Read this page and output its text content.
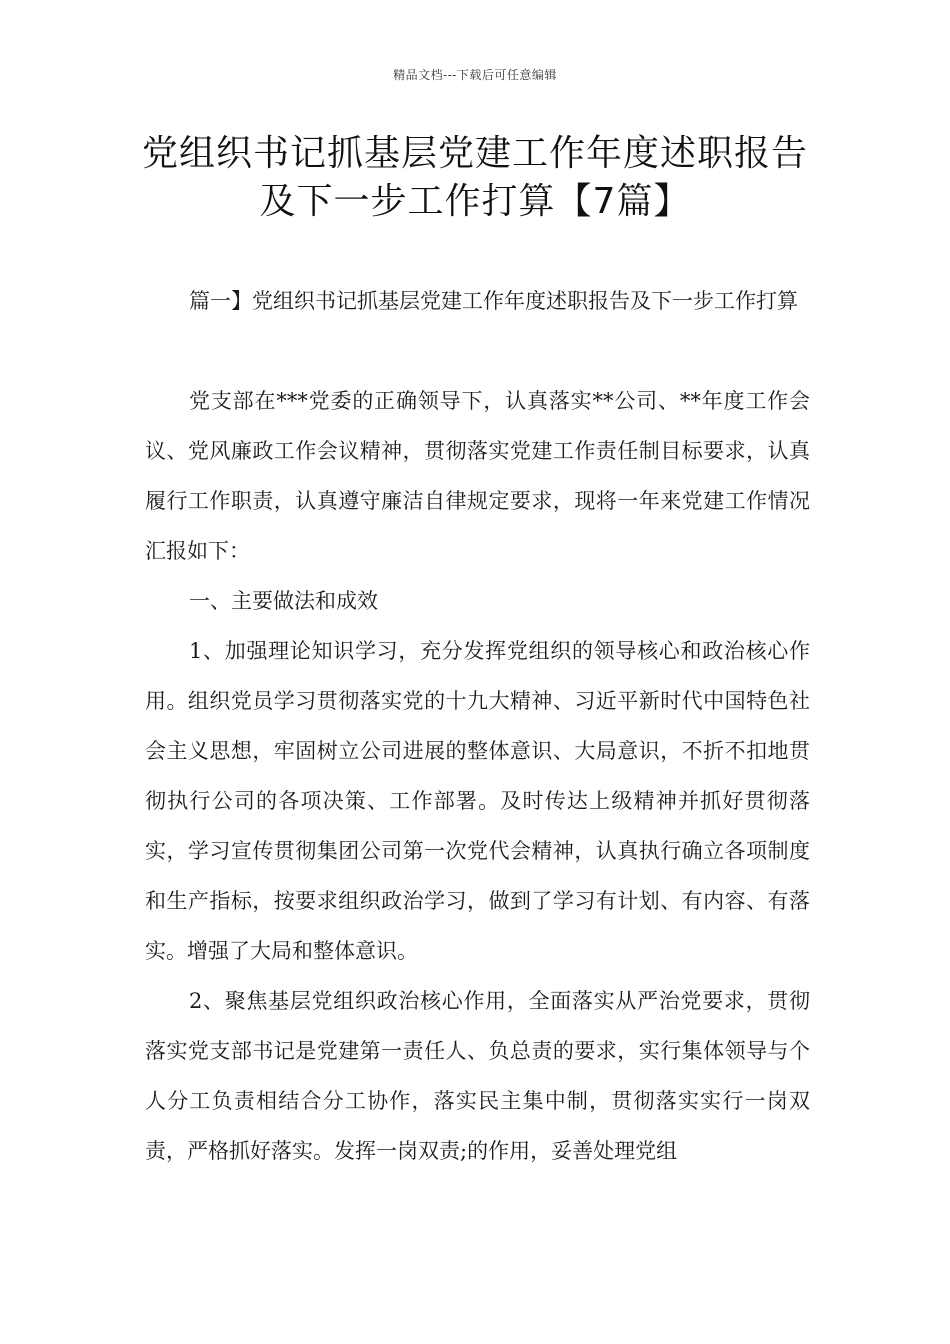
精品文档---下载后可任意编辑
党组织书记抓基层党建工作年度述职报告及下一步工作打算【7篇】

篇一】党组织书记抓基层党建工作年度述职报告及下一步工作打算

党支部在***党委的正确领导下，认真落实**公司、**年度工作会议、党风廉政工作会议精神，贯彻落实党建工作责任制目标要求，认真履行工作职责，认真遵守廉洁自律规定要求，现将一年来党建工作情况汇报如下：

一、主要做法和成效

1、加强理论知识学习，充分发挥党组织的领导核心和政治核心作用。组织党员学习贯彻落实党的十九大精神、习近平新时代中国特色社会主义思想，牢固树立公司进展的整体意识、大局意识，不折不扣地贯彻执行公司的各项决策、工作部署。及时传达上级精神并抓好贯彻落实，学习宣传贯彻集团公司第一次党代会精神，认真执行确立各项制度和生产指标，按要求组织政治学习，做到了学习有计划、有内容、有落实。增强了大局和整体意识。

2、聚焦基层党组织政治核心作用，全面落实从严治党要求，贯彻落实党支部书记是党建第一责任人、负总责的要求，实行集体领导与个人分工负责相结合分工协作，落实民主集中制，贯彻落实实行一岗双责，严格抓好落实。发挥一岗双责;的作用，妥善处理党组
